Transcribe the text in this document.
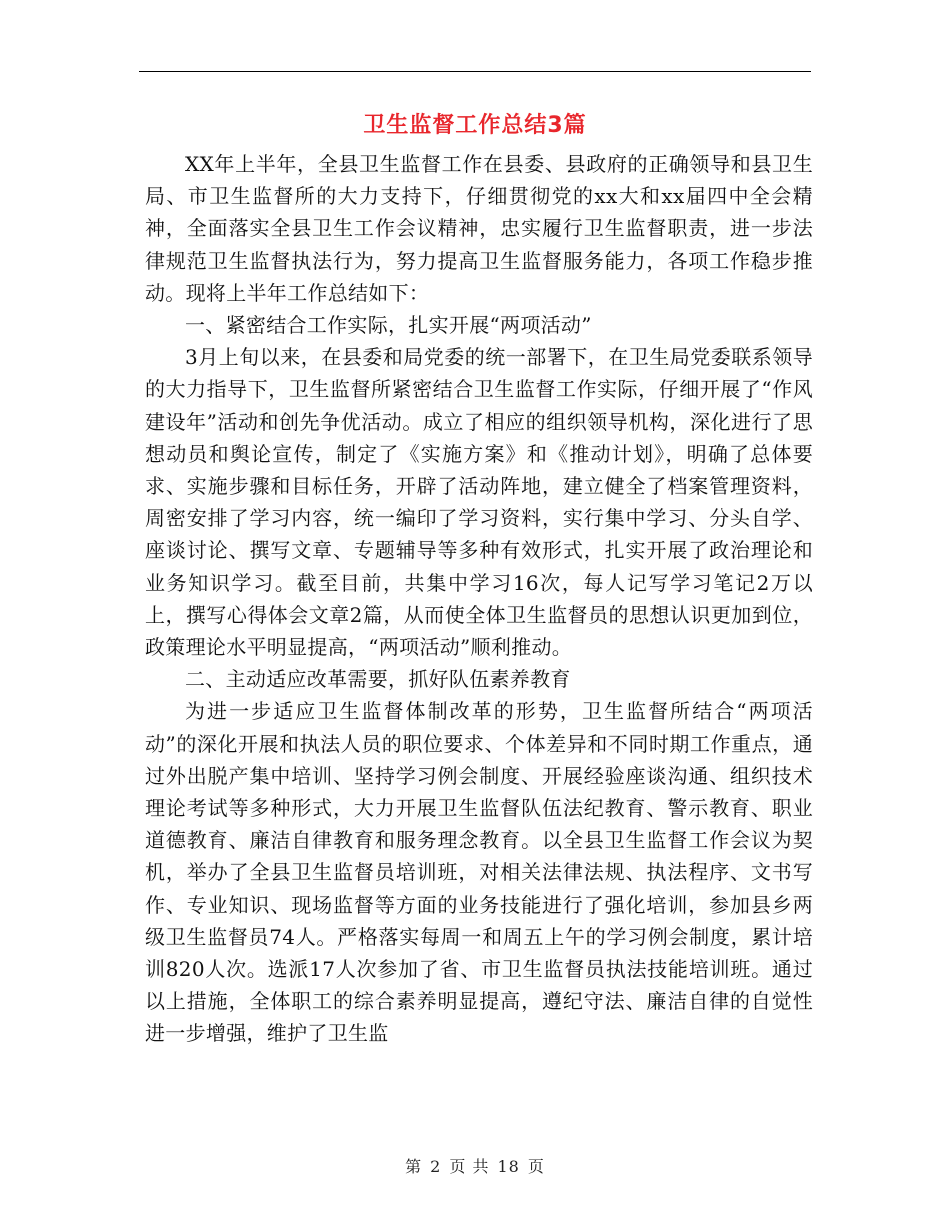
卫生监督工作总结3篇

XX年上半年，全县卫生监督工作在县委、县政府的正确领导和县卫生局、市卫生监督所的大力支持下，仔细贯彻党的xx大和xx届四中全会精神，全面落实全县卫生工作会议精神，忠实履行卫生监督职责，进一步法律规范卫生监督执法行为，努力提高卫生监督服务能力，各项工作稳步推动。现将上半年工作总结如下：

一、紧密结合工作实际，扎实开展“两项活动”

3月上旬以来，在县委和局党委的统一部署下，在卫生局党委联系领导的大力指导下，卫生监督所紧密结合卫生监督工作实际，仔细开展了“作风建设年”活动和创先争优活动。成立了相应的组织领导机构，深化进行了思想动员和舆论宣传，制定了《实施方案》和《推动计划》，明确了总体要求、实施步骤和目标任务，开辟了活动阵地，建立健全了档案管理资料，周密安排了学习内容，统一编印了学习资料，实行集中学习、分头自学、座谈讨论、撰写文章、专题辅导等多种有效形式，扎实开展了政治理论和业务知识学习。截至目前，共集中学习16次，每人记写学习笔记2万以上，撰写心得体会文章2篇，从而使全体卫生监督员的思想认识更加到位，政策理论水平明显提高，“两项活动”顺利推动。

二、主动适应改革需要，抓好队伍素养教育

为进一步适应卫生监督体制改革的形势，卫生监督所结合“两项活动”的深化开展和执法人员的职位要求、个体差异和不同时期工作重点，通过外出脱产集中培训、坚持学习例会制度、开展经验座谈沟通、组织技术理论考试等多种形式，大力开展卫生监督队伍法纪教育、警示教育、职业道德教育、廉洁自律教育和服务理念教育。以全县卫生监督工作会议为契机，举办了全县卫生监督员培训班，对相关法律法规、执法程序、文书写作、专业知识、现场监督等方面的业务技能进行了强化培训，参加县乡两级卫生监督员74人。严格落实每周一和周五上午的学习例会制度，累计培训820人次。选派17人次参加了省、市卫生监督员执法技能培训班。通过以上措施，全体职工的综合素养明显提高，遵纪守法、廉洁自律的自觉性进一步增强，维护了卫生监

第 2 页 共 18 页
